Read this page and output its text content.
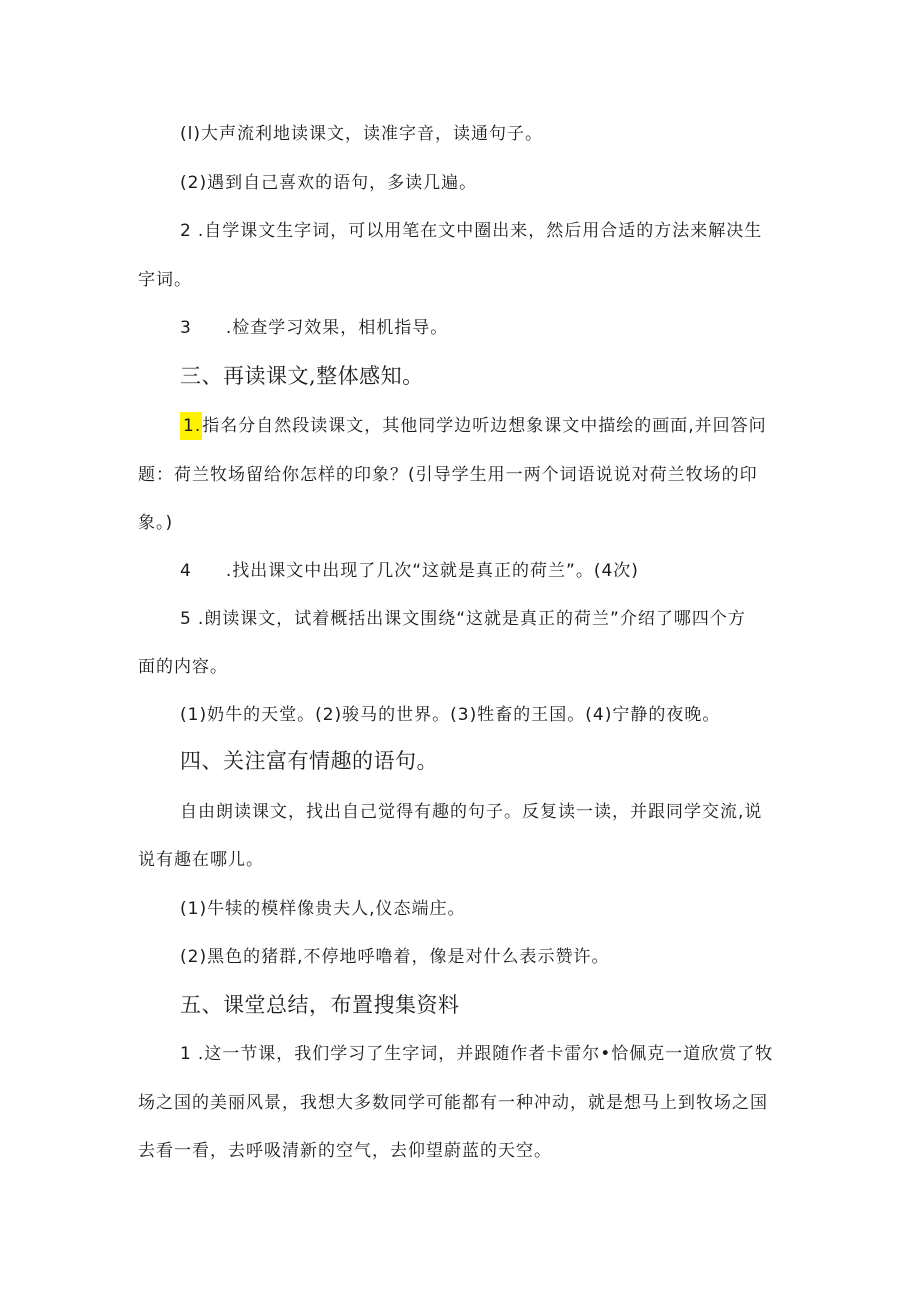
(l)大声流利地读课文，读准字音，读通句子。
(2)遇到自己喜欢的语句，多读几遍。
2 .自学课文生字词，可以用笔在文中圈出来，然后用合适的方法来解决生
字词。
3 .检查学习效果，相机指导。
三、再读课文,整体感知。
1.指名分自然段读课文，其他同学边听边想象课文中描绘的画面,并回答问
题：荷兰牧场留给你怎样的印象？(引导学生用一两个词语说说对荷兰牧场的印
象。)
4 .找出课文中出现了几次“这就是真正的荷兰”。(4次)
5 .朗读课文，试着概括出课文围绕“这就是真正的荷兰”介绍了哪四个方
面的内容。
(1)奶牛的天堂。(2)骏马的世界。(3)牲畜的王国。(4)宁静的夜晚。
四、关注富有情趣的语句。
自由朗读课文，找出自己觉得有趣的句子。反复读一读，并跟同学交流,说
说有趣在哪儿。
(1)牛犊的模样像贵夫人,仪态端庄。
(2)黑色的猪群,不停地呼噜着，像是对什么表示赞许。
五、课堂总结，布置搜集资料
1 .这一节课，我们学习了生字词，并跟随作者卡雷尔•恰佩克一道欣赏了牧
场之国的美丽风景，我想大多数同学可能都有一种冲动，就是想马上到牧场之国
去看一看，去呼吸清新的空气，去仰望蔚蓝的天空。
